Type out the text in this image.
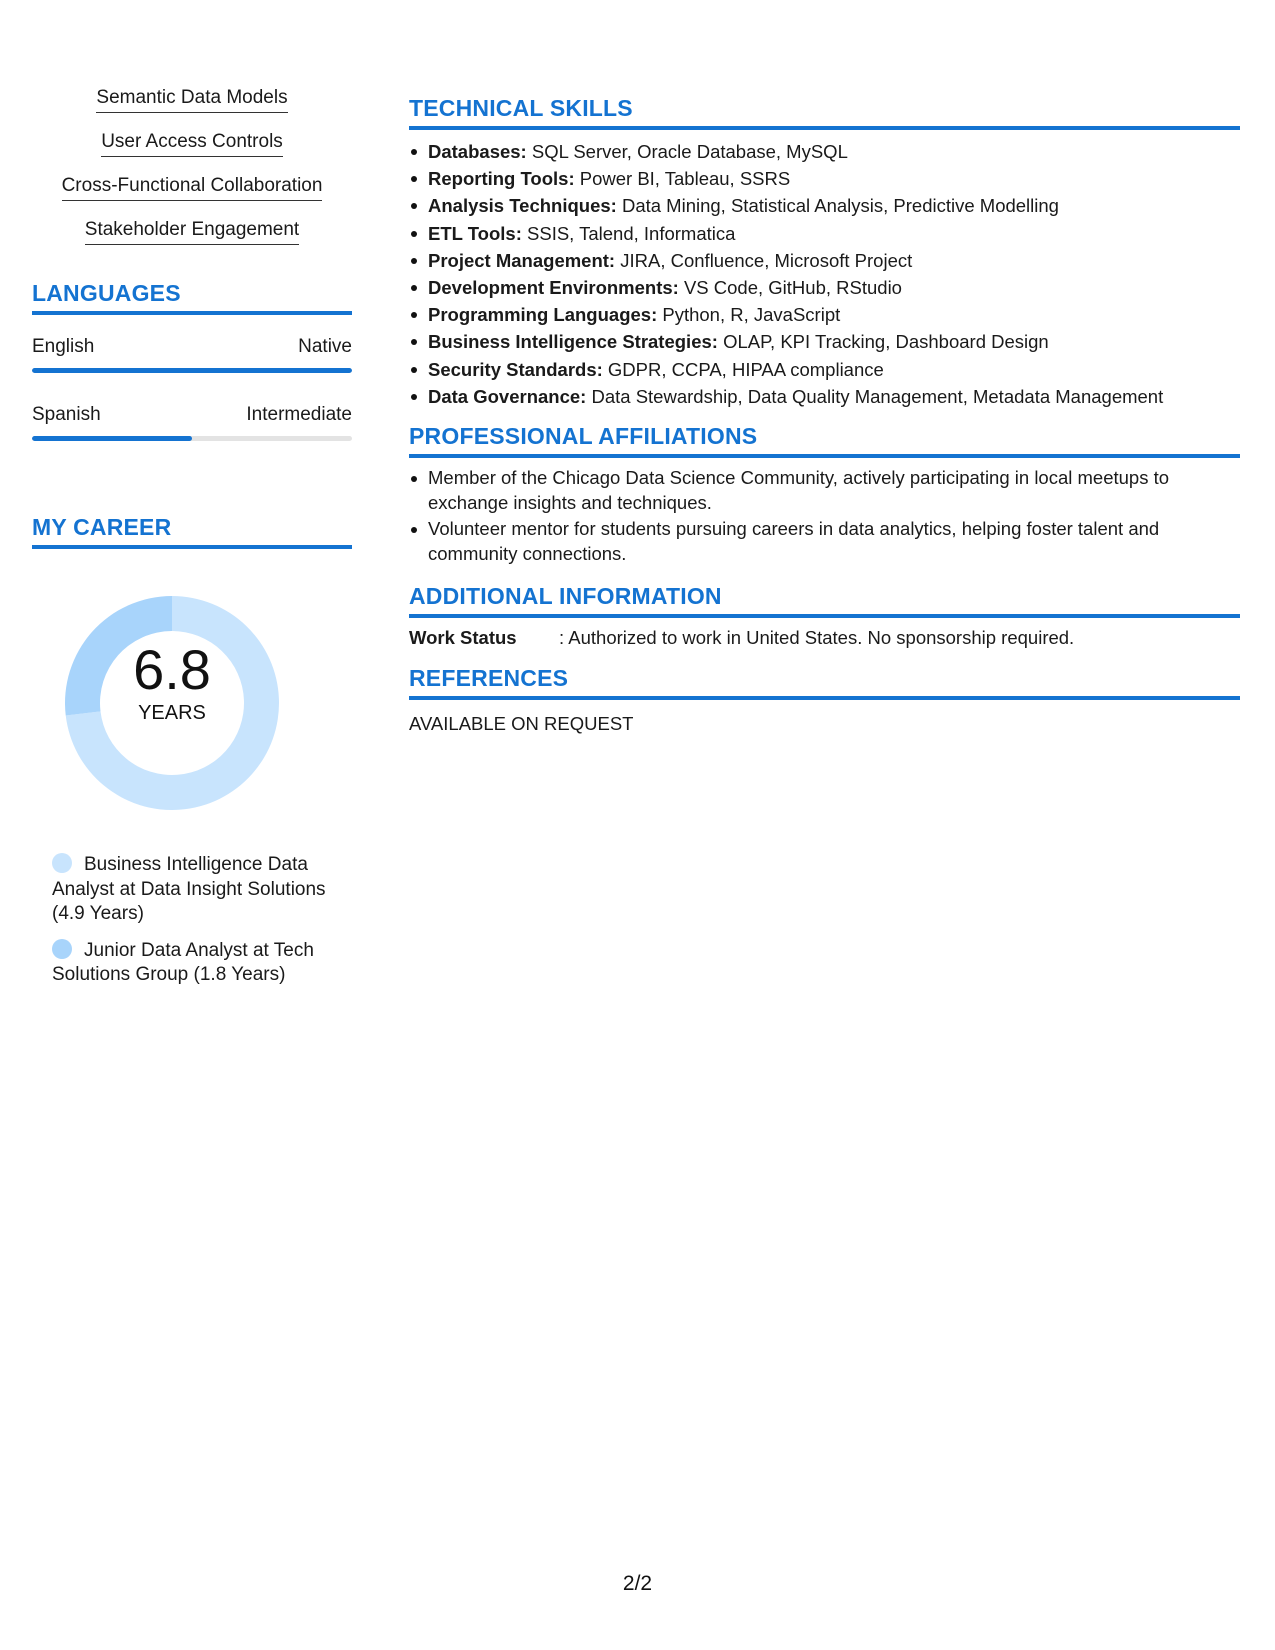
Semantic Data Models
User Access Controls
Cross-Functional Collaboration
Stakeholder Engagement
LANGUAGES
English	Native
Spanish	Intermediate
MY CAREER
6.8
YEARS
Business Intelligence Data Analyst at Data Insight Solutions (4.9 Years)
Junior Data Analyst at Tech Solutions Group (1.8 Years)
TECHNICAL SKILLS
Databases: SQL Server, Oracle Database, MySQL
Reporting Tools: Power BI, Tableau, SSRS
Analysis Techniques: Data Mining, Statistical Analysis, Predictive Modelling
ETL Tools: SSIS, Talend, Informatica
Project Management: JIRA, Confluence, Microsoft Project
Development Environments: VS Code, GitHub, RStudio
Programming Languages: Python, R, JavaScript
Business Intelligence Strategies: OLAP, KPI Tracking, Dashboard Design
Security Standards: GDPR, CCPA, HIPAA compliance
Data Governance: Data Stewardship, Data Quality Management, Metadata Management
PROFESSIONAL AFFILIATIONS
Member of the Chicago Data Science Community, actively participating in local meetups to exchange insights and techniques.
Volunteer mentor for students pursuing careers in data analytics, helping foster talent and community connections.
ADDITIONAL INFORMATION
Work Status	: Authorized to work in United States. No sponsorship required.
REFERENCES
AVAILABLE ON REQUEST
2/2
